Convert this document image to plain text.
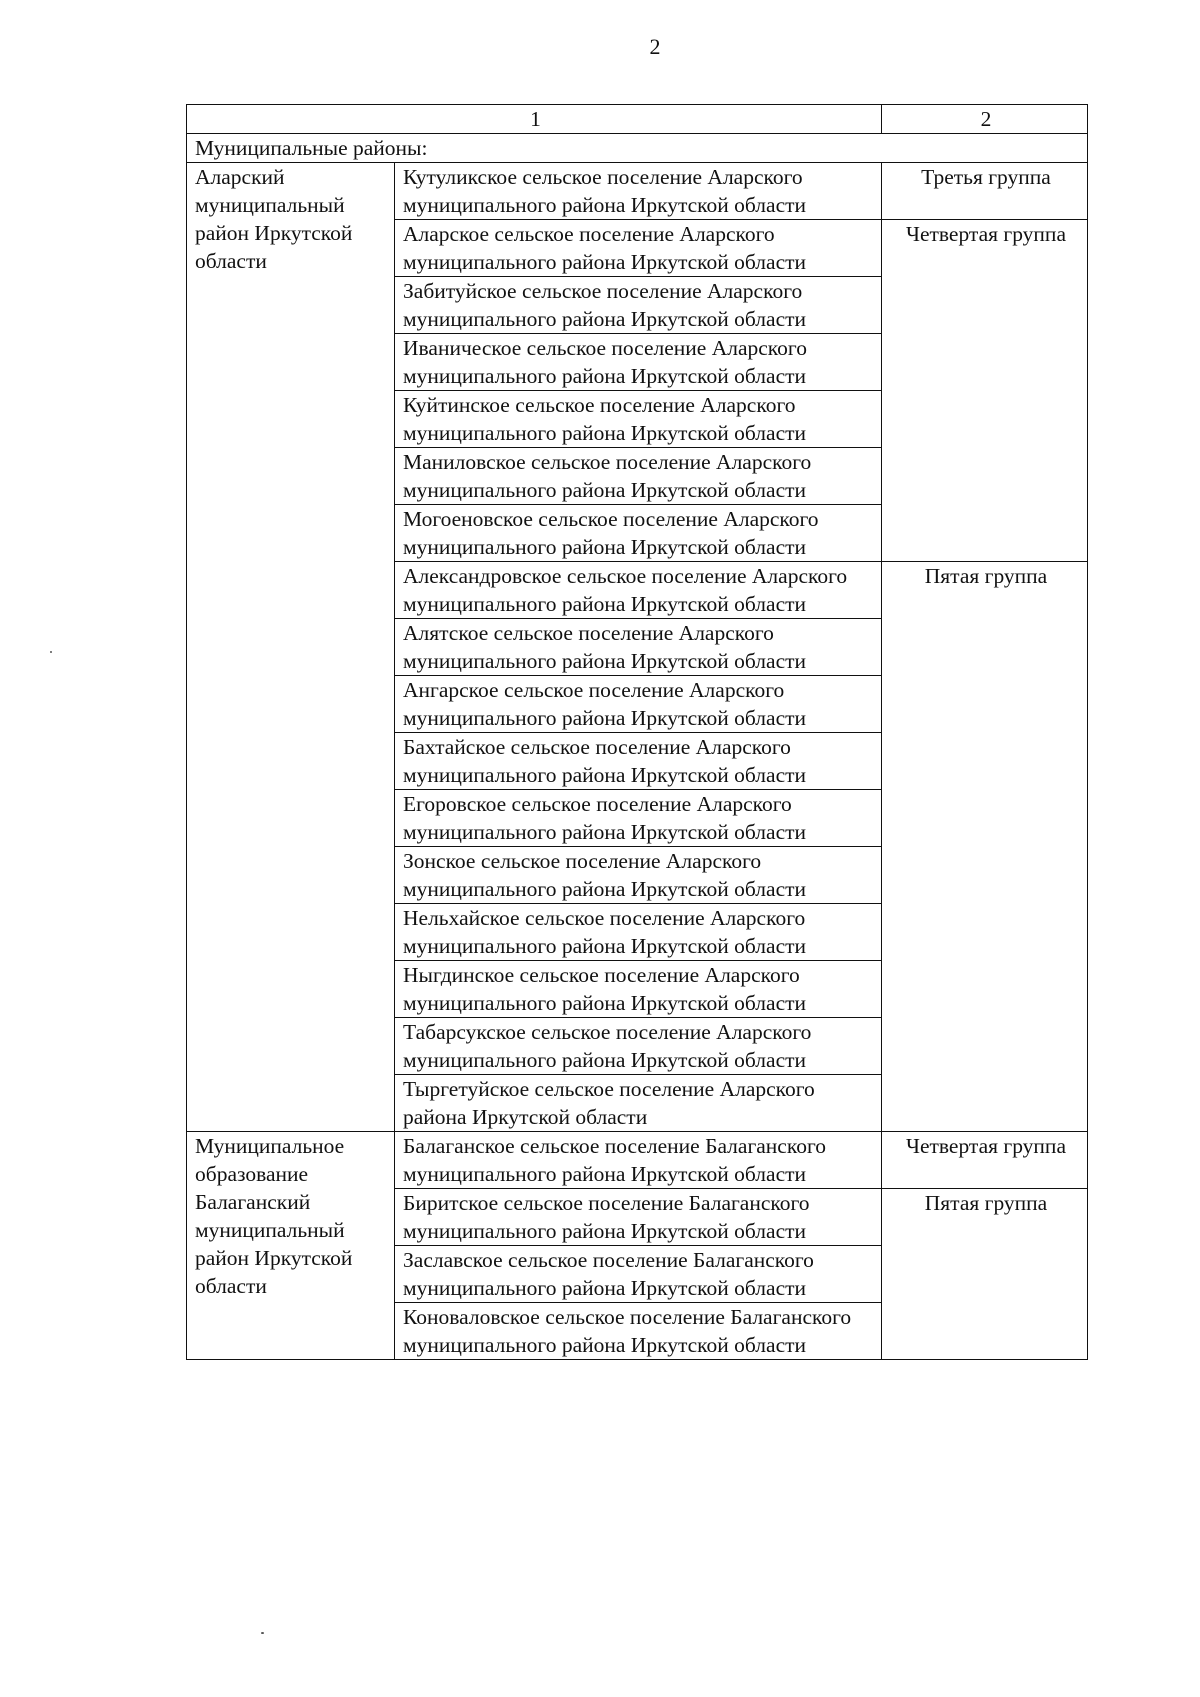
2
1		2
Муниципальные районы:		
Аларский муниципальный район Иркутской области	Кутуликское сельское поселение Аларского муниципального района Иркутской области	Третья группа
	Аларское сельское поселение Аларского муниципального района Иркутской области	Четвертая группа
	Забитуйское сельское поселение Аларского муниципального района Иркутской области	
	Иваническое сельское поселение Аларского муниципального района Иркутской области	
	Куйтинское сельское поселение Аларского муниципального района Иркутской области	
	Маниловское сельское поселение Аларского муниципального района Иркутской области	
	Могоеновское сельское поселение Аларского муниципального района Иркутской области	
	Александровское сельское поселение Аларского муниципального района Иркутской области	Пятая группа
	Алятское сельское поселение Аларского муниципального района Иркутской области	
	Ангарское сельское поселение Аларского муниципального района Иркутской области	
	Бахтайское сельское поселение Аларского муниципального района Иркутской области	
	Егоровское сельское поселение Аларского муниципального района Иркутской области	
	Зонское сельское поселение Аларского муниципального района Иркутской области	
	Нельхайское сельское поселение Аларского муниципального района Иркутской области	
	Ныгдинское сельское поселение Аларского муниципального района Иркутской области	
	Табарсукское сельское поселение Аларского муниципального района Иркутской области	
	Тыргетуйское сельское поселение Аларского района Иркутской области	
Муниципальное образование Балаганский муниципальный район Иркутской области	Балаганское сельское поселение Балаганского муниципального района Иркутской области	Четвертая группа
	Биритское сельское поселение Балаганского муниципального района Иркутской области	Пятая группа
	Заславское сельское поселение Балаганского муниципального района Иркутской области	
	Коноваловское сельское поселение Балаганского муниципального района Иркутской области	
